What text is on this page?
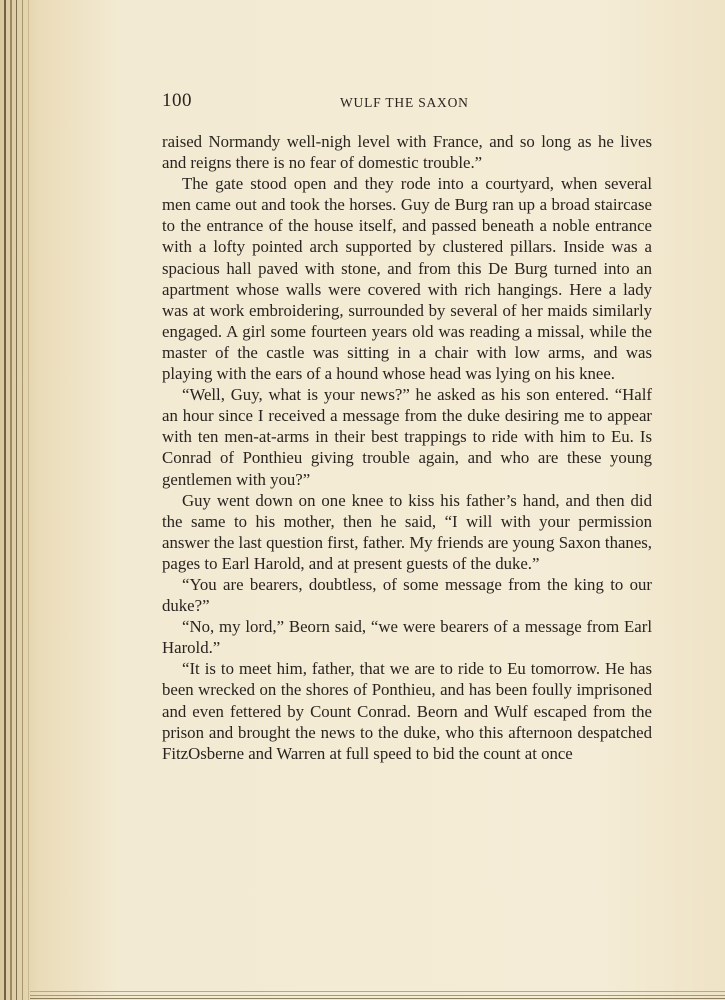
100	WULF THE SAXON

raised Normandy well-nigh level with France, and so long as he lives and reigns there is no fear of domestic trouble.”

The gate stood open and they rode into a courtyard, when several men came out and took the horses. Guy de Burg ran up a broad staircase to the entrance of the house itself, and passed beneath a noble entrance with a lofty pointed arch supported by clustered pillars. Inside was a spacious hall paved with stone, and from this De Burg turned into an apartment whose walls were covered with rich hangings. Here a lady was at work embroidering, surrounded by several of her maids similarly engaged. A girl some fourteen years old was reading a missal, while the master of the castle was sitting in a chair with low arms, and was playing with the ears of a hound whose head was lying on his knee.

“Well, Guy, what is your news?” he asked as his son entered. “Half an hour since I received a message from the duke desiring me to appear with ten men-at-arms in their best trappings to ride with him to Eu. Is Conrad of Ponthieu giving trouble again, and who are these young gentlemen with you?”

Guy went down on one knee to kiss his father’s hand, and then did the same to his mother, then he said, “I will with your permission answer the last question first, father. My friends are young Saxon thanes, pages to Earl Harold, and at present guests of the duke.”

“You are bearers, doubtless, of some message from the king to our duke?”

“No, my lord,” Beorn said, “we were bearers of a message from Earl Harold.”

“It is to meet him, father, that we are to ride to Eu tomorrow. He has been wrecked on the shores of Ponthieu, and has been foully imprisoned and even fettered by Count Conrad. Beorn and Wulf escaped from the prison and brought the news to the duke, who this afternoon despatched FitzOsberne and Warren at full speed to bid the count at once
